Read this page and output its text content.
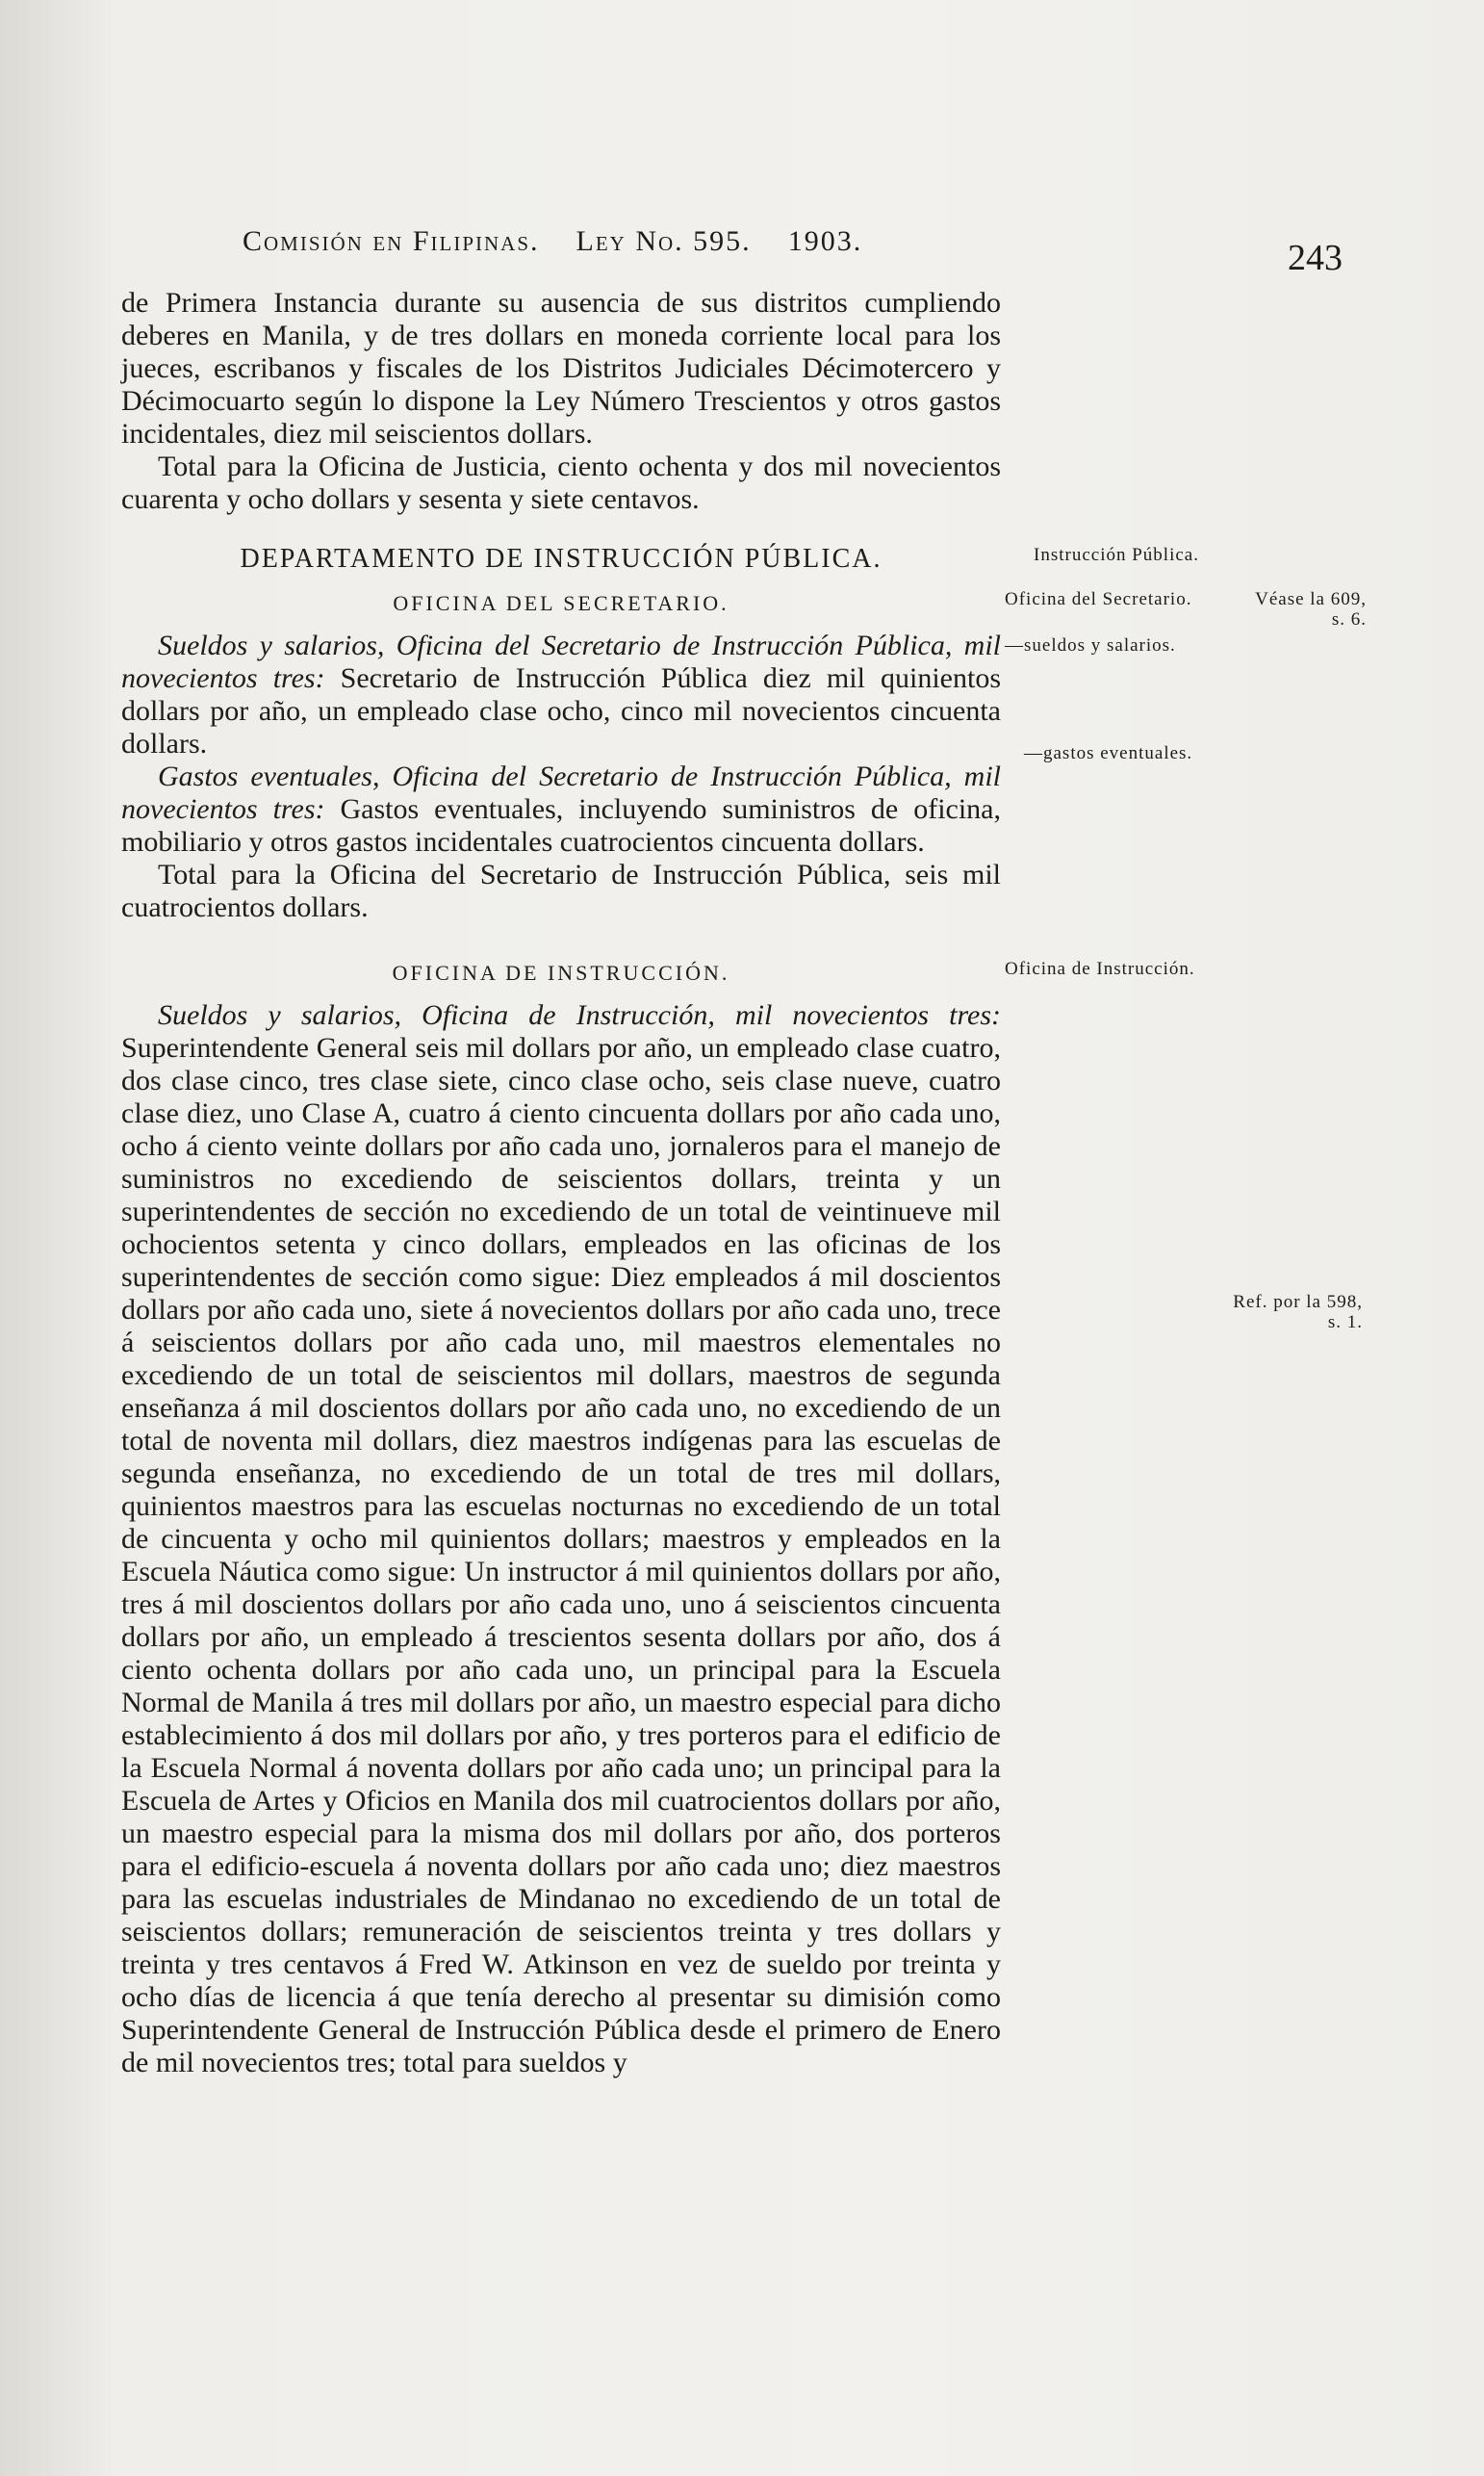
Comisión en Filipinas. Ley No. 595. 1903.	243

de Primera Instancia durante su ausencia de sus distritos cumpliendo deberes en Manila, y de tres dollars en moneda corriente local para los jueces, escribanos y fiscales de los Distritos Judiciales Décimotercero y Décimocuarto según lo dispone la Ley Número Trescientos y otros gastos incidentales, diez mil seiscientos dollars.

Total para la Oficina de Justicia, ciento ochenta y dos mil novecientos cuarenta y ocho dollars y sesenta y siete centavos.

DEPARTAMENTO DE INSTRUCCIÓN PÚBLICA.
OFICINA DEL SECRETARIO.

Sueldos y salarios, Oficina del Secretario de Instrucción Pública, mil novecientos tres: Secretario de Instrucción Pública diez mil quinientos dollars por año, un empleado clase ocho, cinco mil novecientos cincuenta dollars.

Gastos eventuales, Oficina del Secretario de Instrucción Pública, mil novecientos tres: Gastos eventuales, incluyendo suministros de oficina, mobiliario y otros gastos incidentales cuatrocientos cincuenta dollars.

Total para la Oficina del Secretario de Instrucción Pública, seis mil cuatrocientos dollars.

OFICINA DE INSTRUCCIÓN.

Sueldos y salarios, Oficina de Instrucción, mil novecientos tres: Superintendente General seis mil dollars por año, un empleado clase cuatro, dos clase cinco, tres clase siete, cinco clase ocho, seis clase nueve, cuatro clase diez, uno Clase A, cuatro á ciento cincuenta dollars por año cada uno, ocho á ciento veinte dollars por año cada uno, jornaleros para el manejo de suministros no excediendo de seiscientos dollars, treinta y un superintendentes de sección no excediendo de un total de veintinueve mil ochocientos setenta y cinco dollars, empleados en las oficinas de los superintendentes de sección como sigue: Diez empleados á mil doscientos dollars por año cada uno, siete á novecientos dollars por año cada uno, trece á seiscientos dollars por año cada uno, mil maestros elementales no excediendo de un total de seiscientos mil dollars, maestros de segunda enseñanza á mil doscientos dollars por año cada uno, no excediendo de un total de noventa mil dollars, diez maestros indígenas para las escuelas de segunda enseñanza, no excediendo de un total de tres mil dollars, quinientos maestros para las escuelas nocturnas no excediendo de un total de cincuenta y ocho mil quinientos dollars; maestros y empleados en la Escuela Náutica como sigue: Un instructor á mil quinientos dollars por año, tres á mil doscientos dollars por año cada uno, uno á seiscientos cincuenta dollars por año, un empleado á trescientos sesenta dollars por año, dos á ciento ochenta dollars por año cada uno, un principal para la Escuela Normal de Manila á tres mil dollars por año, un maestro especial para dicho establecimiento á dos mil dollars por año, y tres porteros para el edificio de la Escuela Normal á noventa dollars por año cada uno; un principal para la Escuela de Artes y Oficios en Manila dos mil cuatrocientos dollars por año, un maestro especial para la misma dos mil dollars por año, dos porteros para el edificio-escuela á noventa dollars por año cada uno; diez maestros para las escuelas industriales de Mindanao no excediendo de un total de seiscientos dollars; remuneración de seiscientos treinta y tres dollars y treinta y tres centavos á Fred W. Atkinson en vez de sueldo por treinta y ocho días de licencia á que tenía derecho al presentar su dimisión como Superintendente General de Instrucción Pública desde el primero de Enero de mil novecientos tres; total para sueldos y

Instrucción Pública.
Oficina del Secretario.	Véase la 609, s. 6.
—sueldos y salarios.
—gastos eventuales.
Oficina de Instrucción.
Ref. por la 598, s. 1.
